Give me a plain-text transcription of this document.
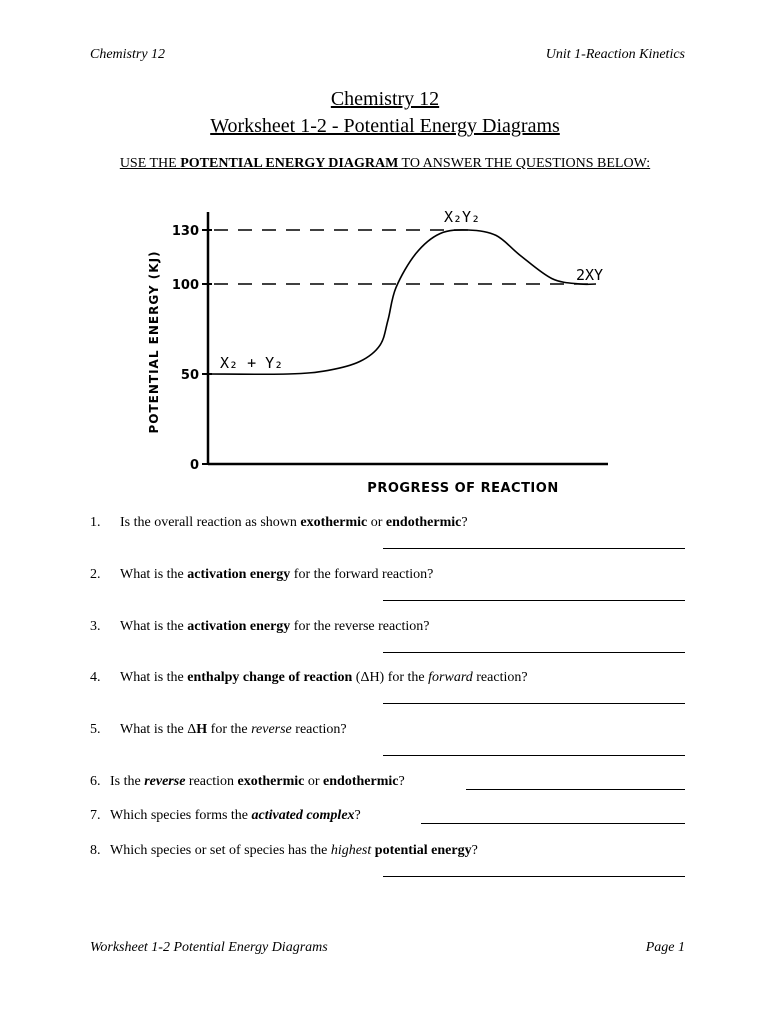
Chemistry 12	Unit 1-Reaction Kinetics
Chemistry 12
Worksheet 1-2 - Potential Energy Diagrams
USE THE POTENTIAL ENERGY DIAGRAM TO ANSWER THE QUESTIONS BELOW:
0
50
100
130
X₂ + Y₂
X₂Y₂
2XY
POTENTIAL ENERGY (KJ)
PROGRESS OF REACTION
1. Is the overall reaction as shown exothermic or endothermic?
2. What is the activation energy for the forward reaction?
3. What is the activation energy for the reverse reaction?
4. What is the enthalpy change of reaction (ΔH) for the forward reaction?
5. What is the ΔH for the reverse reaction?
6. Is the reverse reaction exothermic or endothermic?
7. Which species forms the activated complex?
8. Which species or set of species has the highest potential energy?
Worksheet 1-2 Potential Energy Diagrams	Page 1
